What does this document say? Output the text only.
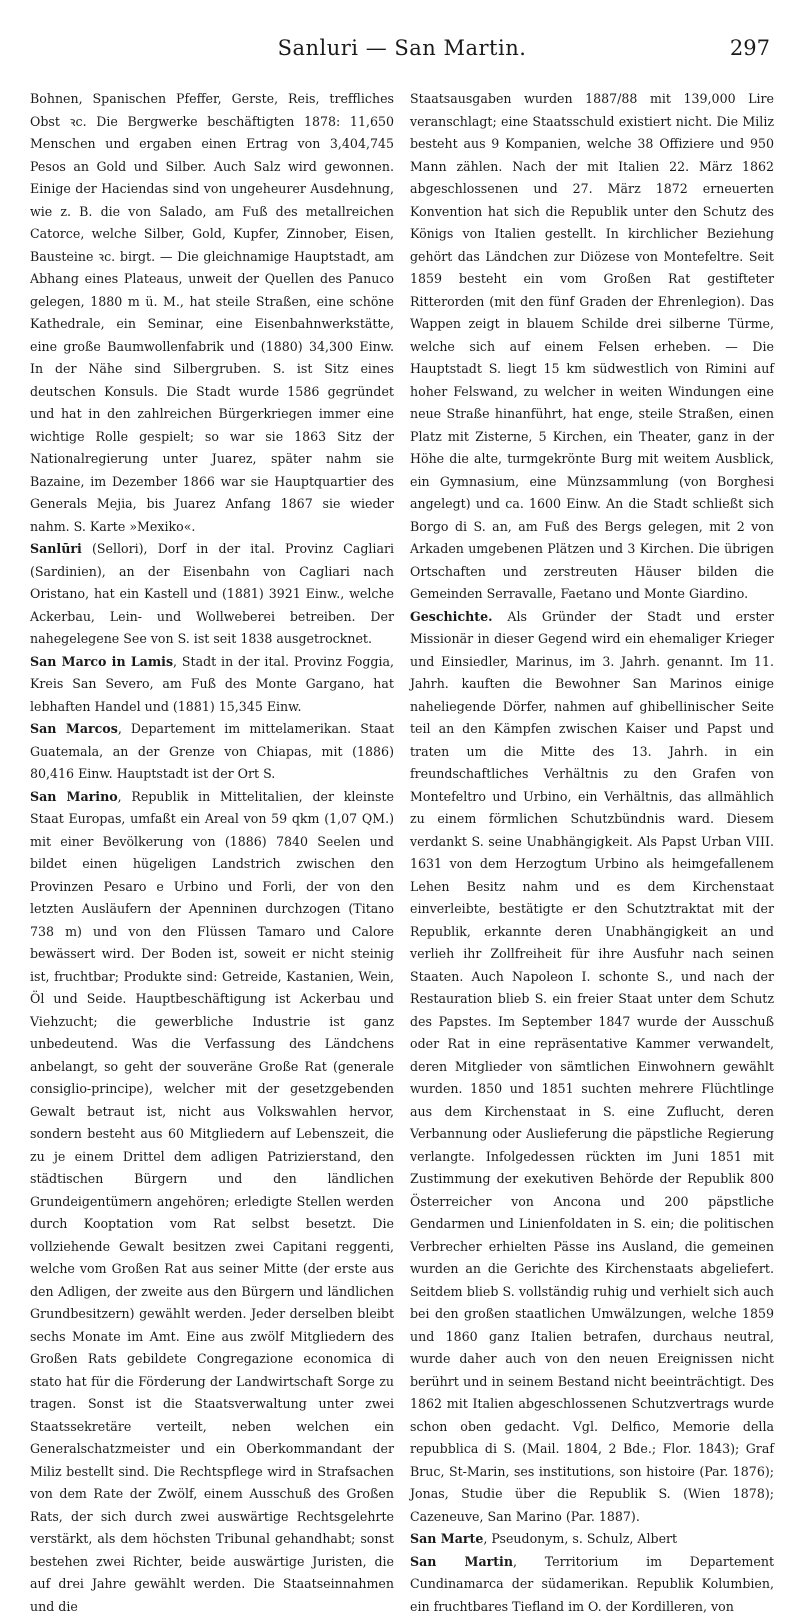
Sanluri — San Martin.	297

Bohnen, Spanischen Pfeffer, Gerste, Reis, treffliches Obst ꝛc. Die Bergwerke beschäftigten 1878: 11,650 Menschen und ergaben einen Ertrag von 3,404,745 Pesos an Gold und Silber. Auch Salz wird gewonnen. Einige der Haciendas sind von ungeheurer Ausdehnung, wie z. B. die von Salado, am Fuß des metallreichen Catorce, welche Silber, Gold, Kupfer, Zinnober, Eisen, Bausteine ꝛc. birgt. — Die gleichnamige Hauptstadt, am Abhang eines Plateaus, unweit der Quellen des Panuco gelegen, 1880 m ü. M., hat steile Straßen, eine schöne Kathedrale, ein Seminar, eine Eisenbahnwerkstätte, eine große Baumwollenfabrik und (1880) 34,300 Einw. In der Nähe sind Silbergruben. S. ist Sitz eines deutschen Konsuls. Die Stadt wurde 1586 gegründet und hat in den zahlreichen Bürgerkriegen immer eine wichtige Rolle gespielt; so war sie 1863 Sitz der Nationalregierung unter Juarez, später nahm sie Bazaine, im Dezember 1866 war sie Hauptquartier des Generals Mejia, bis Juarez Anfang 1867 sie wieder nahm. S. Karte »Mexiko«.

Sanlūri (Sellori), Dorf in der ital. Provinz Cagliari (Sardinien), an der Eisenbahn von Cagliari nach Oristano, hat ein Kastell und (1881) 3921 Einw., welche Ackerbau, Lein- und Wollweberei betreiben. Der nahegelegene See von S. ist seit 1838 ausgetrocknet.

San Marco in Lamis, Stadt in der ital. Provinz Foggia, Kreis San Severo, am Fuß des Monte Gargano, hat lebhaften Handel und (1881) 15,345 Einw.

San Marcos, Departement im mittelamerikan. Staat Guatemala, an der Grenze von Chiapas, mit (1886) 80,416 Einw. Hauptstadt ist der Ort S.

San Marino, Republik in Mittelitalien, der kleinste Staat Europas, umfaßt ein Areal von 59 qkm (1,07 QM.) mit einer Bevölkerung von (1886) 7840 Seelen und bildet einen hügeligen Landstrich zwischen den Provinzen Pesaro e Urbino und Forli, der von den letzten Ausläufern der Apenninen durchzogen (Titano 738 m) und von den Flüssen Tamaro und Calore bewässert wird. Der Boden ist, soweit er nicht steinig ist, fruchtbar; Produkte sind: Getreide, Kastanien, Wein, Öl und Seide. Hauptbeschäftigung ist Ackerbau und Viehzucht; die gewerbliche Industrie ist ganz unbedeutend. Was die Verfassung des Ländchens anbelangt, so geht der souveräne Große Rat (generale consiglio-principe), welcher mit der gesetzgebenden Gewalt betraut ist, nicht aus Volkswahlen hervor, sondern besteht aus 60 Mitgliedern auf Lebenszeit, die zu je einem Drittel dem adligen Patrizierstand, den städtischen Bürgern und den ländlichen Grundeigentümern angehören; erledigte Stellen werden durch Kooptation vom Rat selbst besetzt. Die vollziehende Gewalt besitzen zwei Capitani reggenti, welche vom Großen Rat aus seiner Mitte (der erste aus den Adligen, der zweite aus den Bürgern und ländlichen Grundbesitzern) gewählt werden. Jeder derselben bleibt sechs Monate im Amt. Eine aus zwölf Mitgliedern des Großen Rats gebildete Congregazione economica di stato hat für die Förderung der Landwirtschaft Sorge zu tragen. Sonst ist die Staatsverwaltung unter zwei Staatssekretäre verteilt, neben welchen ein Generalschatzmeister und ein Oberkommandant der Miliz bestellt sind. Die Rechtspflege wird in Strafsachen von dem Rate der Zwölf, einem Ausschuß des Großen Rats, der sich durch zwei auswärtige Rechtsgelehrte verstärkt, als dem höchsten Tribunal gehandhabt; sonst bestehen zwei Richter, beide auswärtige Juristen, die auf drei Jahre gewählt werden. Die Staatseinnahmen und die

Staatsausgaben wurden 1887/88 mit 139,000 Lire veranschlagt; eine Staatsschuld existiert nicht. Die Miliz besteht aus 9 Kompanien, welche 38 Offiziere und 950 Mann zählen. Nach der mit Italien 22. März 1862 abgeschlossenen und 27. März 1872 erneuerten Konvention hat sich die Republik unter den Schutz des Königs von Italien gestellt. In kirchlicher Beziehung gehört das Ländchen zur Diözese von Montefeltre. Seit 1859 besteht ein vom Großen Rat gestifteter Ritterorden (mit den fünf Graden der Ehrenlegion). Das Wappen zeigt in blauem Schilde drei silberne Türme, welche sich auf einem Felsen erheben. — Die Hauptstadt S. liegt 15 km südwestlich von Rimini auf hoher Felswand, zu welcher in weiten Windungen eine neue Straße hinanführt, hat enge, steile Straßen, einen Platz mit Zisterne, 5 Kirchen, ein Theater, ganz in der Höhe die alte, turmgekrönte Burg mit weitem Ausblick, ein Gymnasium, eine Münzsammlung (von Borghesi angelegt) und ca. 1600 Einw. An die Stadt schließt sich Borgo di S. an, am Fuß des Bergs gelegen, mit 2 von Arkaden umgebenen Plätzen und 3 Kirchen. Die übrigen Ortschaften und zerstreuten Häuser bilden die Gemeinden Serravalle, Faetano und Monte Giardino.

Geschichte. Als Gründer der Stadt und erster Missionär in dieser Gegend wird ein ehemaliger Krieger und Einsiedler, Marinus, im 3. Jahrh. genannt. Im 11. Jahrh. kauften die Bewohner San Marinos einige naheliegende Dörfer, nahmen auf ghibellinischer Seite teil an den Kämpfen zwischen Kaiser und Papst und traten um die Mitte des 13. Jahrh. in ein freundschaftliches Verhältnis zu den Grafen von Montefeltro und Urbino, ein Verhältnis, das allmählich zu einem förmlichen Schutzbündnis ward. Diesem verdankt S. seine Unabhängigkeit. Als Papst Urban VIII. 1631 von dem Herzogtum Urbino als heimgefallenem Lehen Besitz nahm und es dem Kirchenstaat einverleibte, bestätigte er den Schutztraktat mit der Republik, erkannte deren Unabhängigkeit an und verlieh ihr Zollfreiheit für ihre Ausfuhr nach seinen Staaten. Auch Napoleon I. schonte S., und nach der Restauration blieb S. ein freier Staat unter dem Schutz des Papstes. Im September 1847 wurde der Ausschuß oder Rat in eine repräsentative Kammer verwandelt, deren Mitglieder von sämtlichen Einwohnern gewählt wurden. 1850 und 1851 suchten mehrere Flüchtlinge aus dem Kirchenstaat in S. eine Zuflucht, deren Verbannung oder Auslieferung die päpstliche Regierung verlangte. Infolgedessen rückten im Juni 1851 mit Zustimmung der exekutiven Behörde der Republik 800 Österreicher von Ancona und 200 päpstliche Gendarmen und Linienfoldaten in S. ein; die politischen Verbrecher erhielten Pässe ins Ausland, die gemeinen wurden an die Gerichte des Kirchenstaats abgeliefert. Seitdem blieb S. vollständig ruhig und verhielt sich auch bei den großen staatlichen Umwälzungen, welche 1859 und 1860 ganz Italien betrafen, durchaus neutral, wurde daher auch von den neuen Ereignissen nicht berührt und in seinem Bestand nicht beeinträchtigt. Des 1862 mit Italien abgeschlossenen Schutzvertrags wurde schon oben gedacht. Vgl. Delfico, Memorie della repubblica di S. (Mail. 1804, 2 Bde.; Flor. 1843); Graf Bruc, St-Marin, ses institutions, son histoire (Par. 1876); Jonas, Studie über die Republik S. (Wien 1878); Cazeneuve, San Marino (Par. 1887).

San Marte, Pseudonym, s. Schulz, Albert

San Martin, Territorium im Departement Cundinamarca der südamerikan. Republik Kolumbien, ein fruchtbares Tiefland im O. der Kordilleren, von
